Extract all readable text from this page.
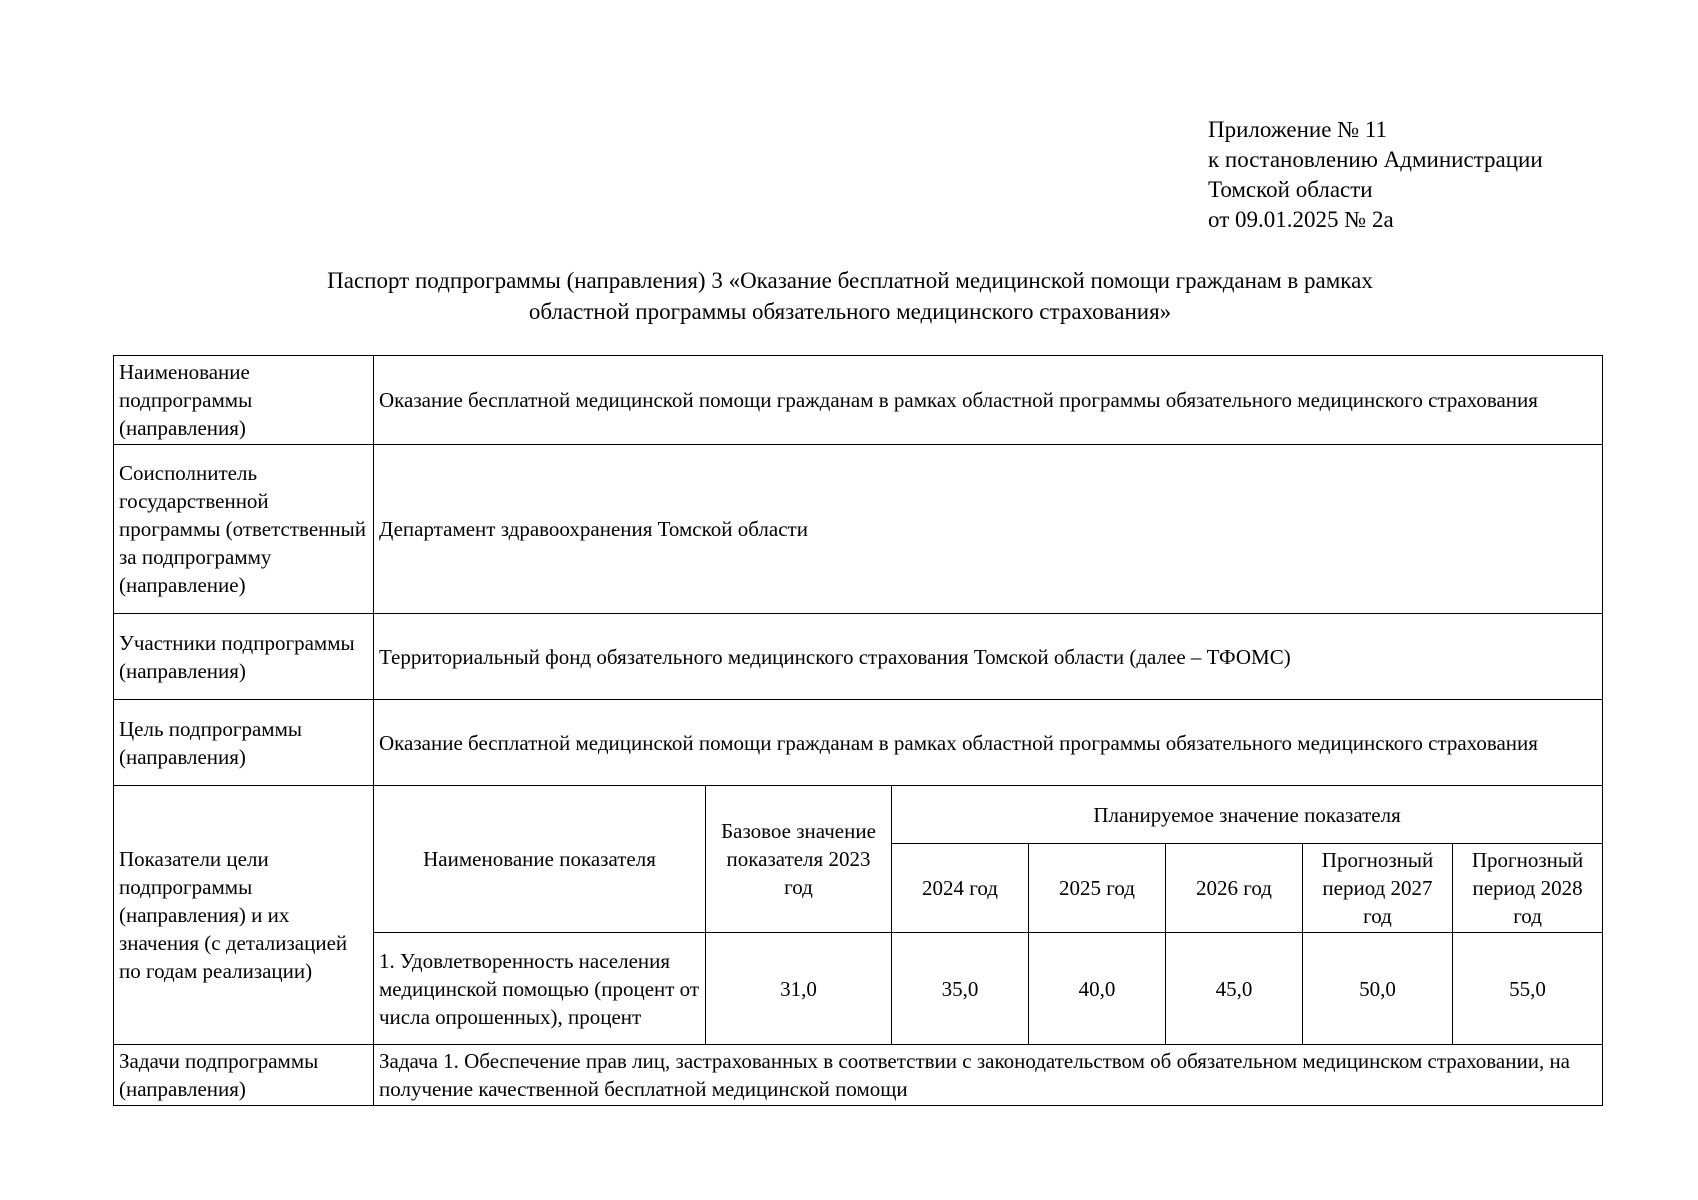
Приложение № 11
к постановлению Администрации
Томской области
от 09.01.2025 № 2а
Паспорт подпрограммы (направления) 3 «Оказание бесплатной медицинской помощи гражданам в рамках
областной программы обязательного медицинского страхования»
Наименование подпрограммы (направления)	Оказание бесплатной медицинской помощи гражданам в рамках областной программы обязательного медицинского страхования						
Соисполнитель государственной программы (ответственный за подпрограмму (направление)	Департамент здравоохранения Томской области						
Участники подпрограммы (направления)	Территориальный фонд обязательного медицинского страхования Томской области (далее – ТФОМС)						
Цель подпрограммы (направления)	Оказание бесплатной медицинской помощи гражданам в рамках областной программы обязательного медицинского страхования						
Показатели цели подпрограммы (направления) и их значения (с детализацией по годам реализации)	Наименование показателя	Базовое значение показателя 2023 год	Планируемое значение показателя				
			2024 год	2025 год	2026 год	Прогнозный период 2027 год	Прогнозный период 2028 год
	1. Удовлетворенность населения медицинской помощью (процент от числа опрошенных), процент	31,0	35,0	40,0	45,0	50,0	55,0
Задачи подпрограммы (направления)	Задача 1. Обеспечение прав лиц, застрахованных в соответствии с законодательством об обязательном медицинском страховании, на получение качественной бесплатной медицинской помощи						
